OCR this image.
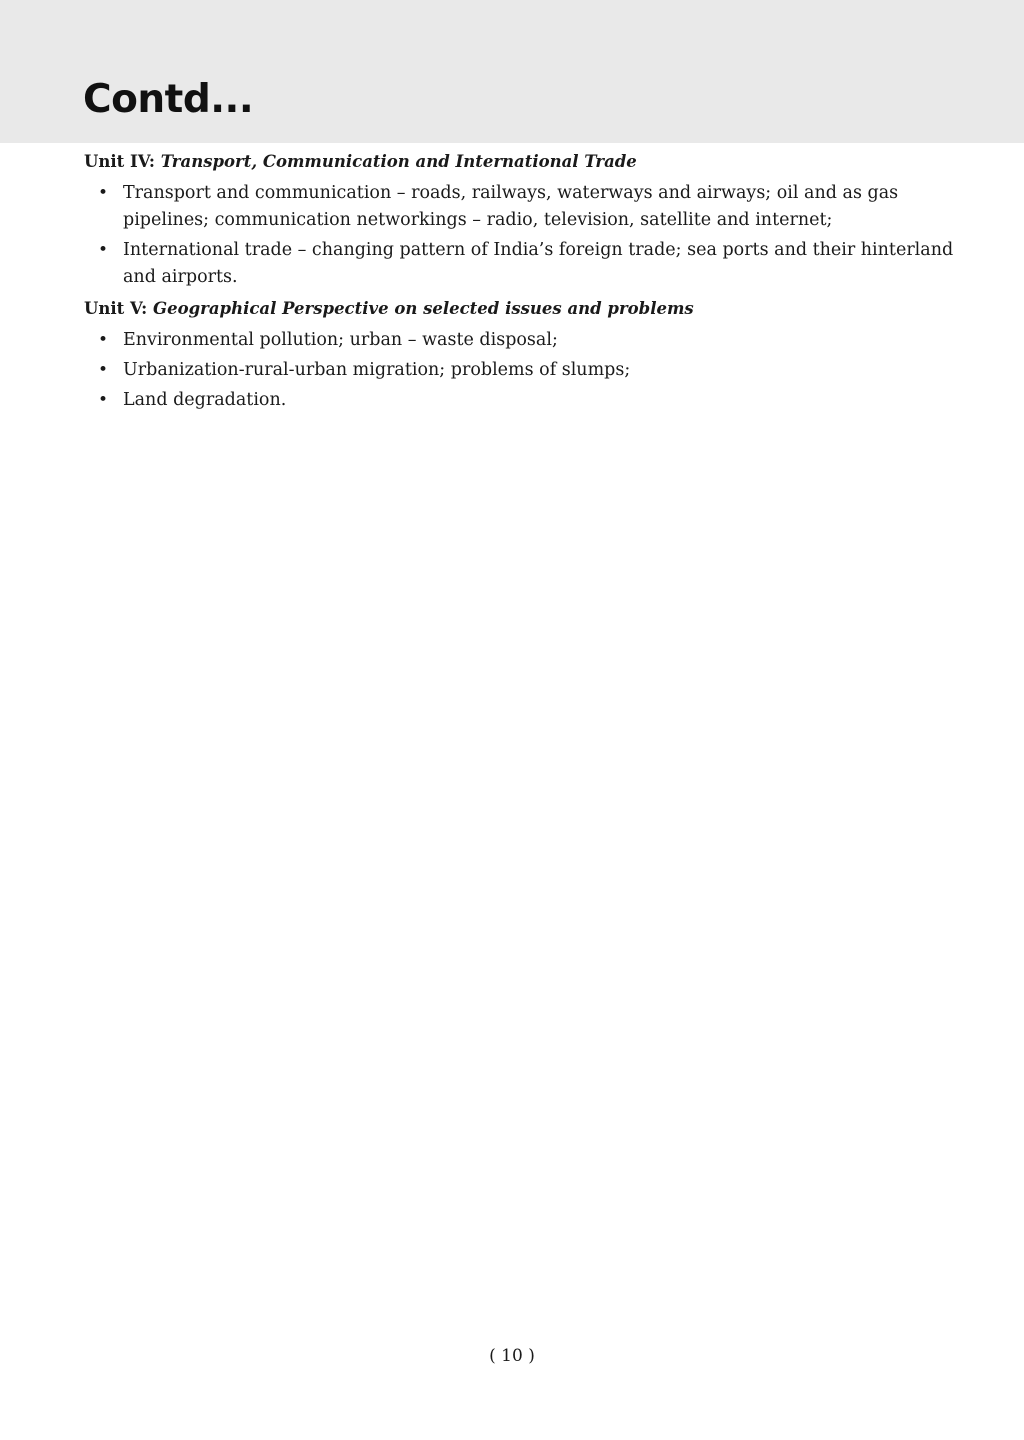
Contd...
Unit IV: Transport, Communication and International Trade
• Transport and communication – roads, railways, waterways and airways; oil and as gas pipelines; communication networkings – radio, television, satellite and internet;
• International trade – changing pattern of India’s foreign trade; sea ports and their hinterland and airports.
Unit V: Geographical Perspective on selected issues and problems
• Environmental pollution; urban – waste disposal;
• Urbanization-rural-urban migration; problems of slumps;
• Land degradation.
( 10 )
